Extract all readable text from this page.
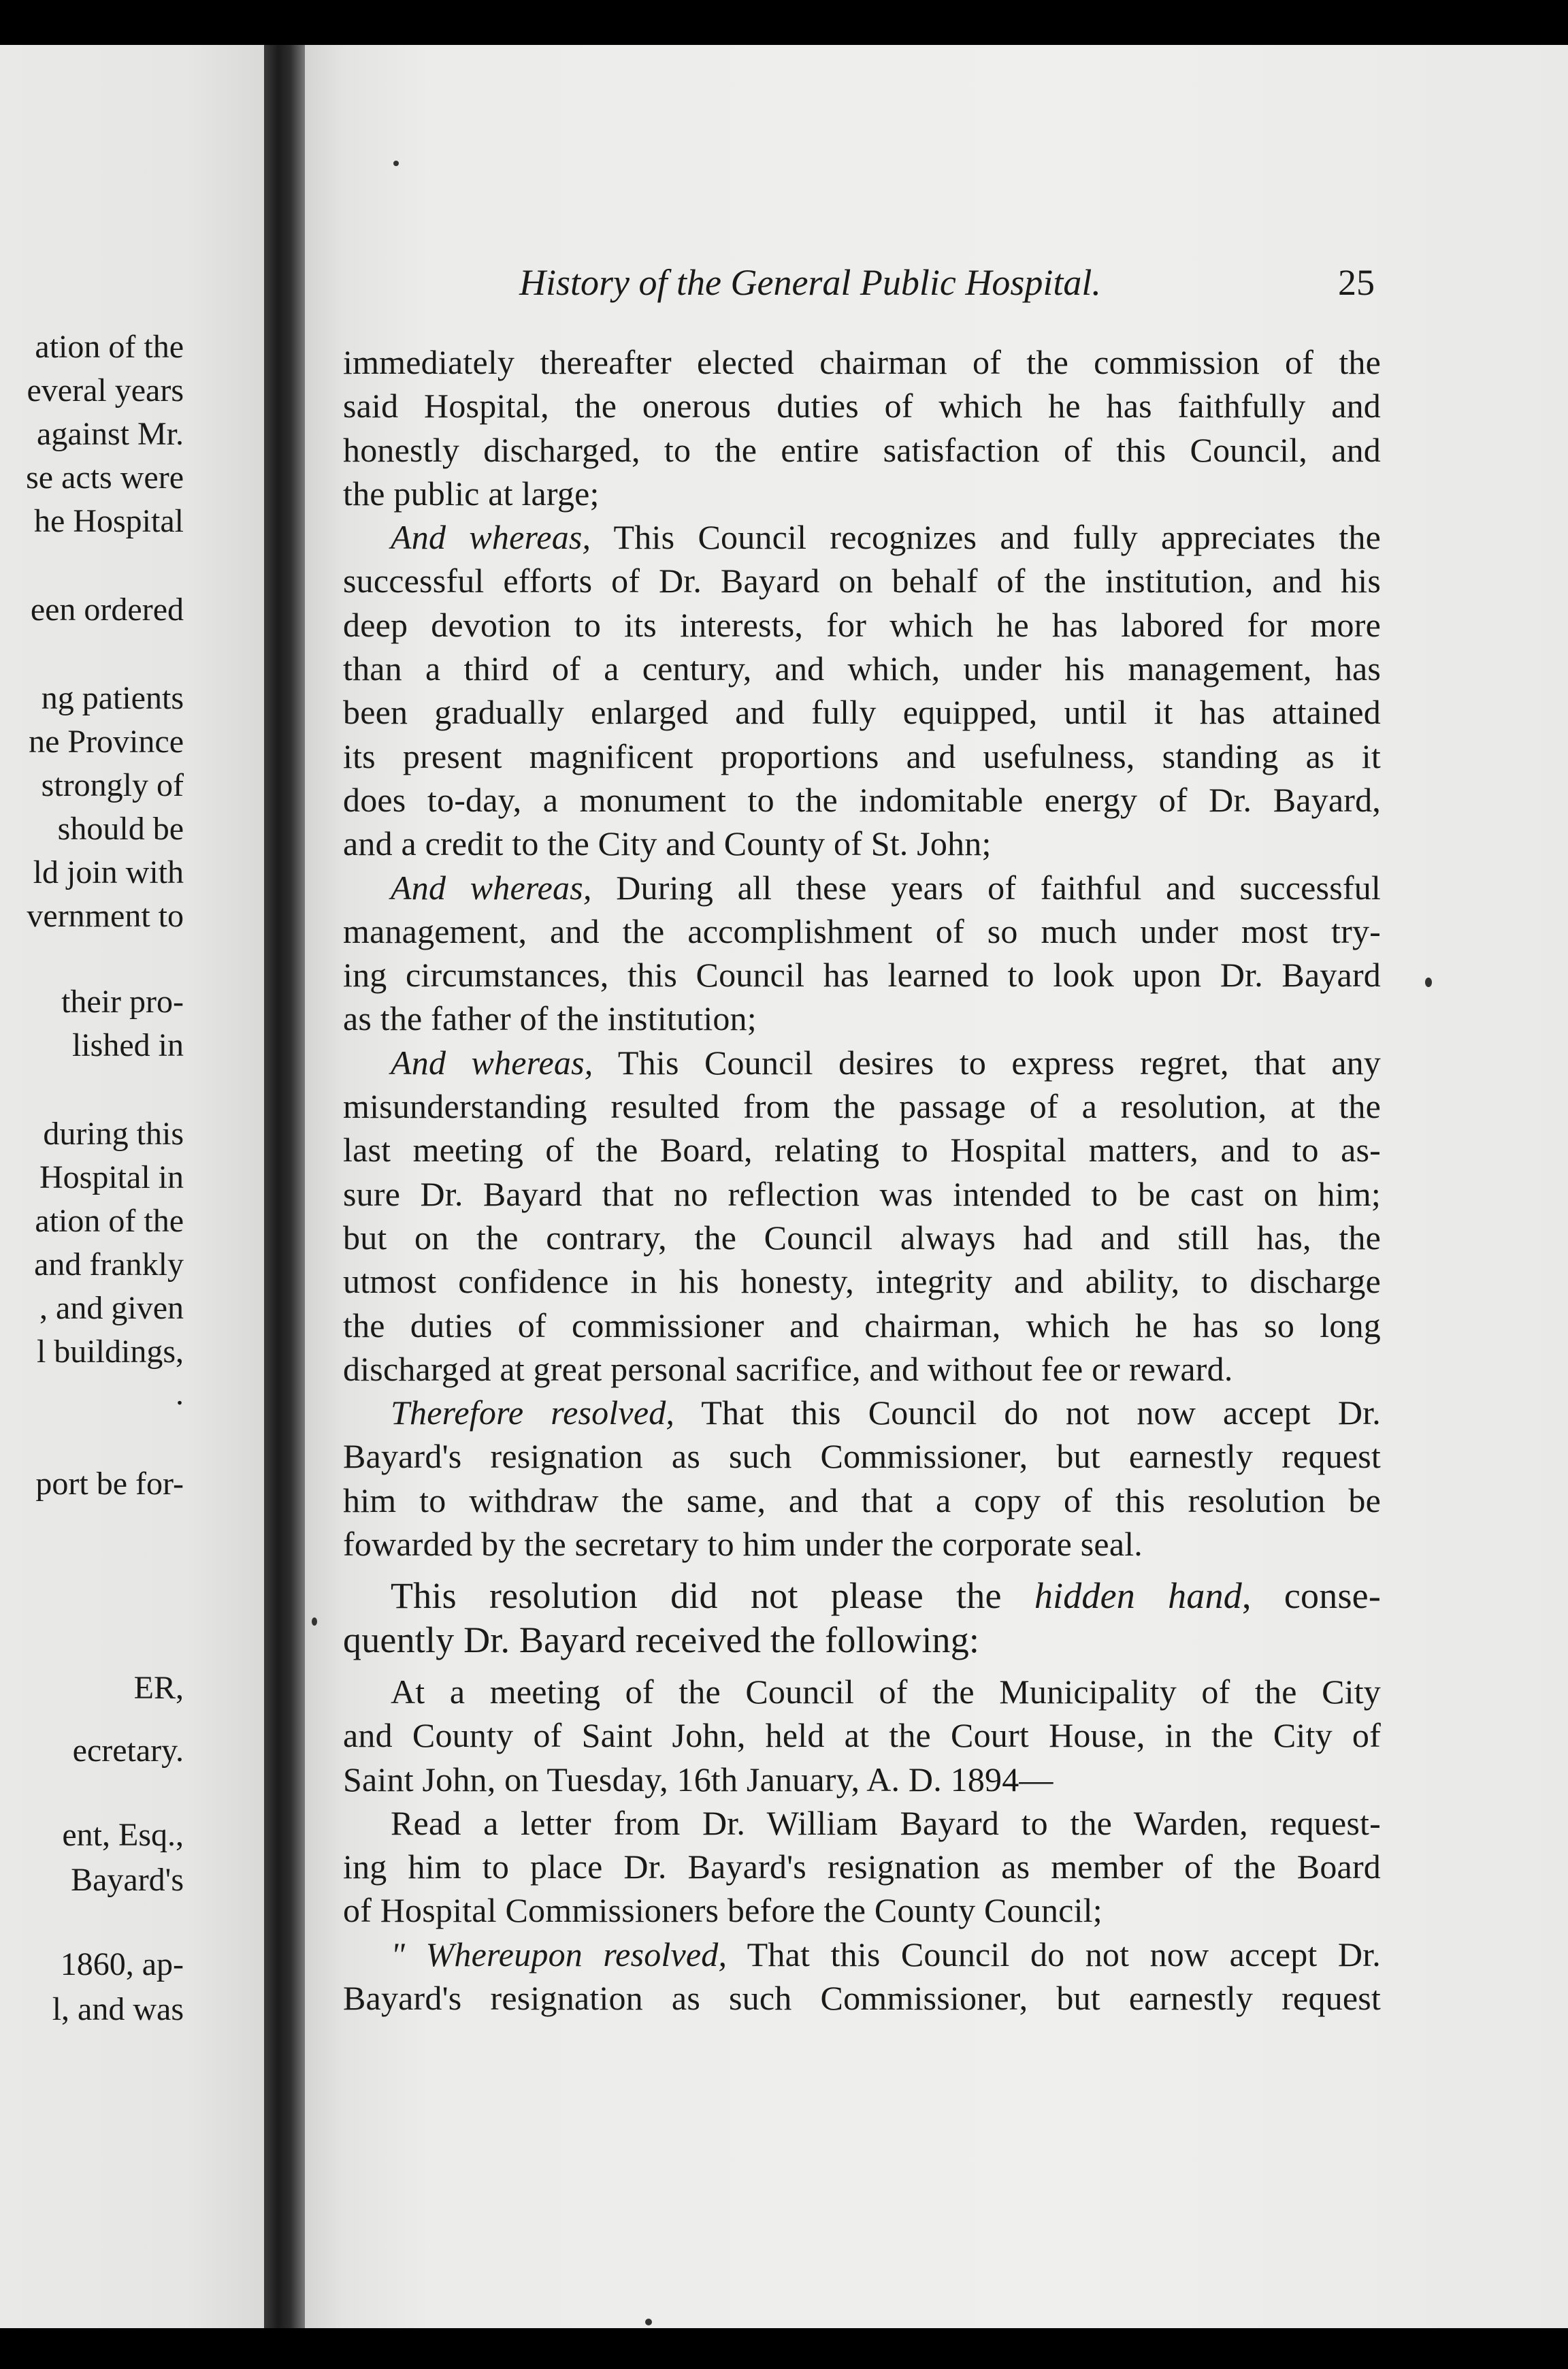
ation of the
everal years
against Mr.
se acts were
he Hospital
een ordered
ng patients
ne Province
strongly of
should be
ld join with
vernment to
their pro-
lished in
during this
Hospital in
ation of the
and frankly
, and given
l buildings,
.
port be for-
ER,
ecretary.
ent, Esq.,
Bayard's
1860, ap-
l, and was
History of the General Public Hospital.	25
immediately thereafter elected chairman of the commission of the
said Hospital, the onerous duties of which he has faithfully and
honestly discharged, to the entire satisfaction of this Council, and
the public at large;
And whereas, This Council recognizes and fully appreciates the
successful efforts of Dr. Bayard on behalf of the institution, and his
deep devotion to its interests, for which he has labored for more
than a third of a century, and which, under his management, has
been gradually enlarged and fully equipped, until it has attained
its present magnificent proportions and usefulness, standing as it
does to-day, a monument to the indomitable energy of Dr. Bayard,
and a credit to the City and County of St. John;
And whereas, During all these years of faithful and successful
management, and the accomplishment of so much under most try-
ing circumstances, this Council has learned to look upon Dr. Bayard
as the father of the institution;
And whereas, This Council desires to express regret, that any
misunderstanding resulted from the passage of a resolution, at the
last meeting of the Board, relating to Hospital matters, and to as-
sure Dr. Bayard that no reflection was intended to be cast on him;
but on the contrary, the Council always had and still has, the
utmost confidence in his honesty, integrity and ability, to discharge
the duties of commissioner and chairman, which he has so long
discharged at great personal sacrifice, and without fee or reward.
Therefore resolved, That this Council do not now accept Dr.
Bayard's resignation as such Commissioner, but earnestly request
him to withdraw the same, and that a copy of this resolution be
fowarded by the secretary to him under the corporate seal.
This resolution did not please the hidden hand, conse-
quently Dr. Bayard received the following:
At a meeting of the Council of the Municipality of the City
and County of Saint John, held at the Court House, in the City of
Saint John, on Tuesday, 16th January, A. D. 1894—
Read a letter from Dr. William Bayard to the Warden, request-
ing him to place Dr. Bayard's resignation as member of the Board
of Hospital Commissioners before the County Council;
" Whereupon resolved, That this Council do not now accept Dr.
Bayard's resignation as such Commissioner, but earnestly request
